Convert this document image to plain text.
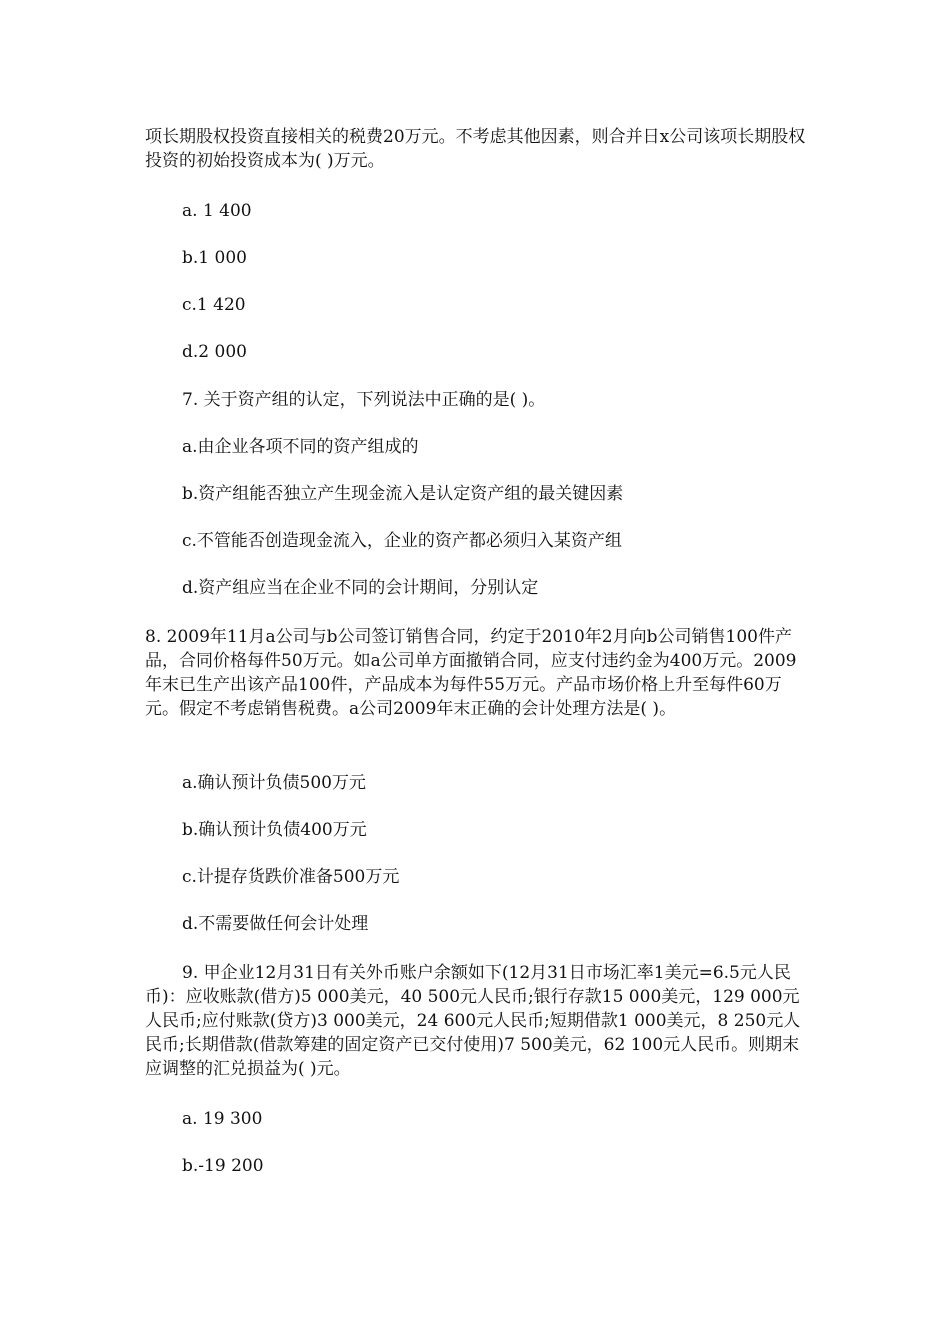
项长期股权投资直接相关的税费20万元。不考虑其他因素，则合并日x公司该项长期股权投资的初始投资成本为( )万元。

a. 1 400

b.1 000

c.1 420

d.2 000

7. 关于资产组的认定，下列说法中正确的是( )。

a.由企业各项不同的资产组成的

b.资产组能否独立产生现金流入是认定资产组的最关键因素

c.不管能否创造现金流入，企业的资产都必须归入某资产组

d.资产组应当在企业不同的会计期间，分别认定

8. 2009年11月a公司与b公司签订销售合同，约定于2010年2月向b公司销售100件产品，合同价格每件50万元。如a公司单方面撤销合同，应支付违约金为400万元。2009年末已生产出该产品100件，产品成本为每件55万元。产品市场价格上升至每件60万元。假定不考虑销售税费。a公司2009年末正确的会计处理方法是( )。

a.确认预计负债500万元

b.确认预计负债400万元

c.计提存货跌价准备500万元

d.不需要做任何会计处理

9. 甲企业12月31日有关外币账户余额如下(12月31日市场汇率1美元=6.5元人民币)：应收账款(借方)5 000美元，40 500元人民币;银行存款15 000美元，129 000元人民币;应付账款(贷方)3 000美元，24 600元人民币;短期借款1 000美元，8 250元人民币;长期借款(借款筹建的固定资产已交付使用)7 500美元，62 100元人民币。则期末应调整的汇兑损益为( )元。

a. 19 300

b.-19 200
